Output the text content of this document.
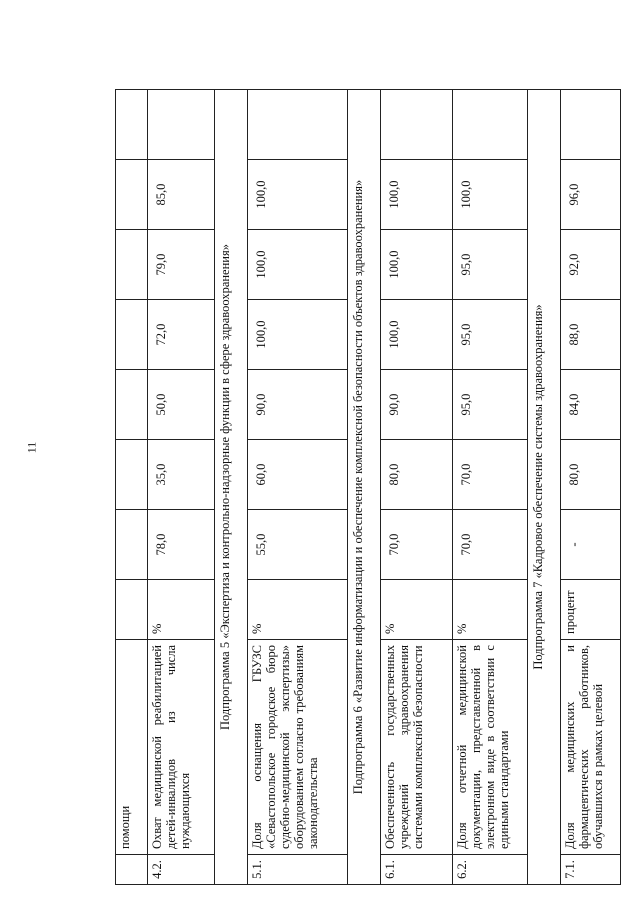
11
	помощи								
4.2.	Охват медицинской реабилитацией детей-инвалидов из числа нуждающихся	%	78,0	35,0	50,0	72,0	79,0	85,0	
Подпрограмма 5 «Экспертиза и контрольно-надзорные функции в сфере здравоохранения»									
5.1.	Доля оснащения ГБУЗС «Севастопольское городское бюро судебно-медицинской экспертизы» оборудованием согласно требованиям законодательства	%	55,0	60,0	90,0	100,0	100,0	100,0	
Подпрограмма 6 «Развитие информатизации и обеспечение комплексной безопасности объектов здравоохранения»									
6.1.	Обеспеченность государственных учреждений здравоохранения системами комплексной безопасности	%	70,0	80,0	90,0	100,0	100,0	100,0	
6.2.	Доля отчетной медицинской документации, представленной в электронном виде в соответствии с едиными стандартами	%	70,0	70,0	95,0	95,0	95,0	100,0	
Подпрограмма 7 «Кадровое обеспечение системы здравоохранения»									
7.1.	Доля медицинских и фармацевтических работников, обучавшихся в рамках целевой	процент	-	80,0	84,0	88,0	92,0	96,0	
